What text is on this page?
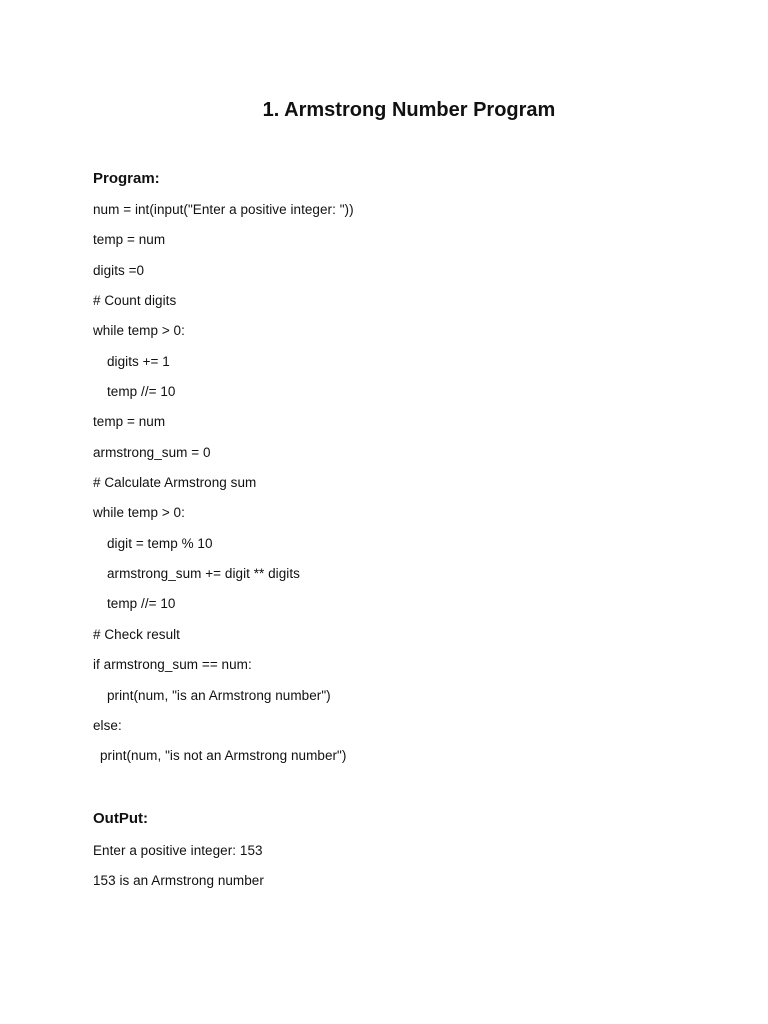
1. Armstrong Number Program
Program:
num = int(input("Enter a positive integer: "))
temp = num
digits =0
# Count digits
while temp > 0:
digits += 1
temp //= 10
temp = num
armstrong_sum = 0
# Calculate Armstrong sum
while temp > 0:
digit = temp % 10
armstrong_sum += digit ** digits
temp //= 10
# Check result
if armstrong_sum == num:
print(num, "is an Armstrong number")
else:
print(num, "is not an Armstrong number")
OutPut:
Enter a positive integer: 153
153 is an Armstrong number
